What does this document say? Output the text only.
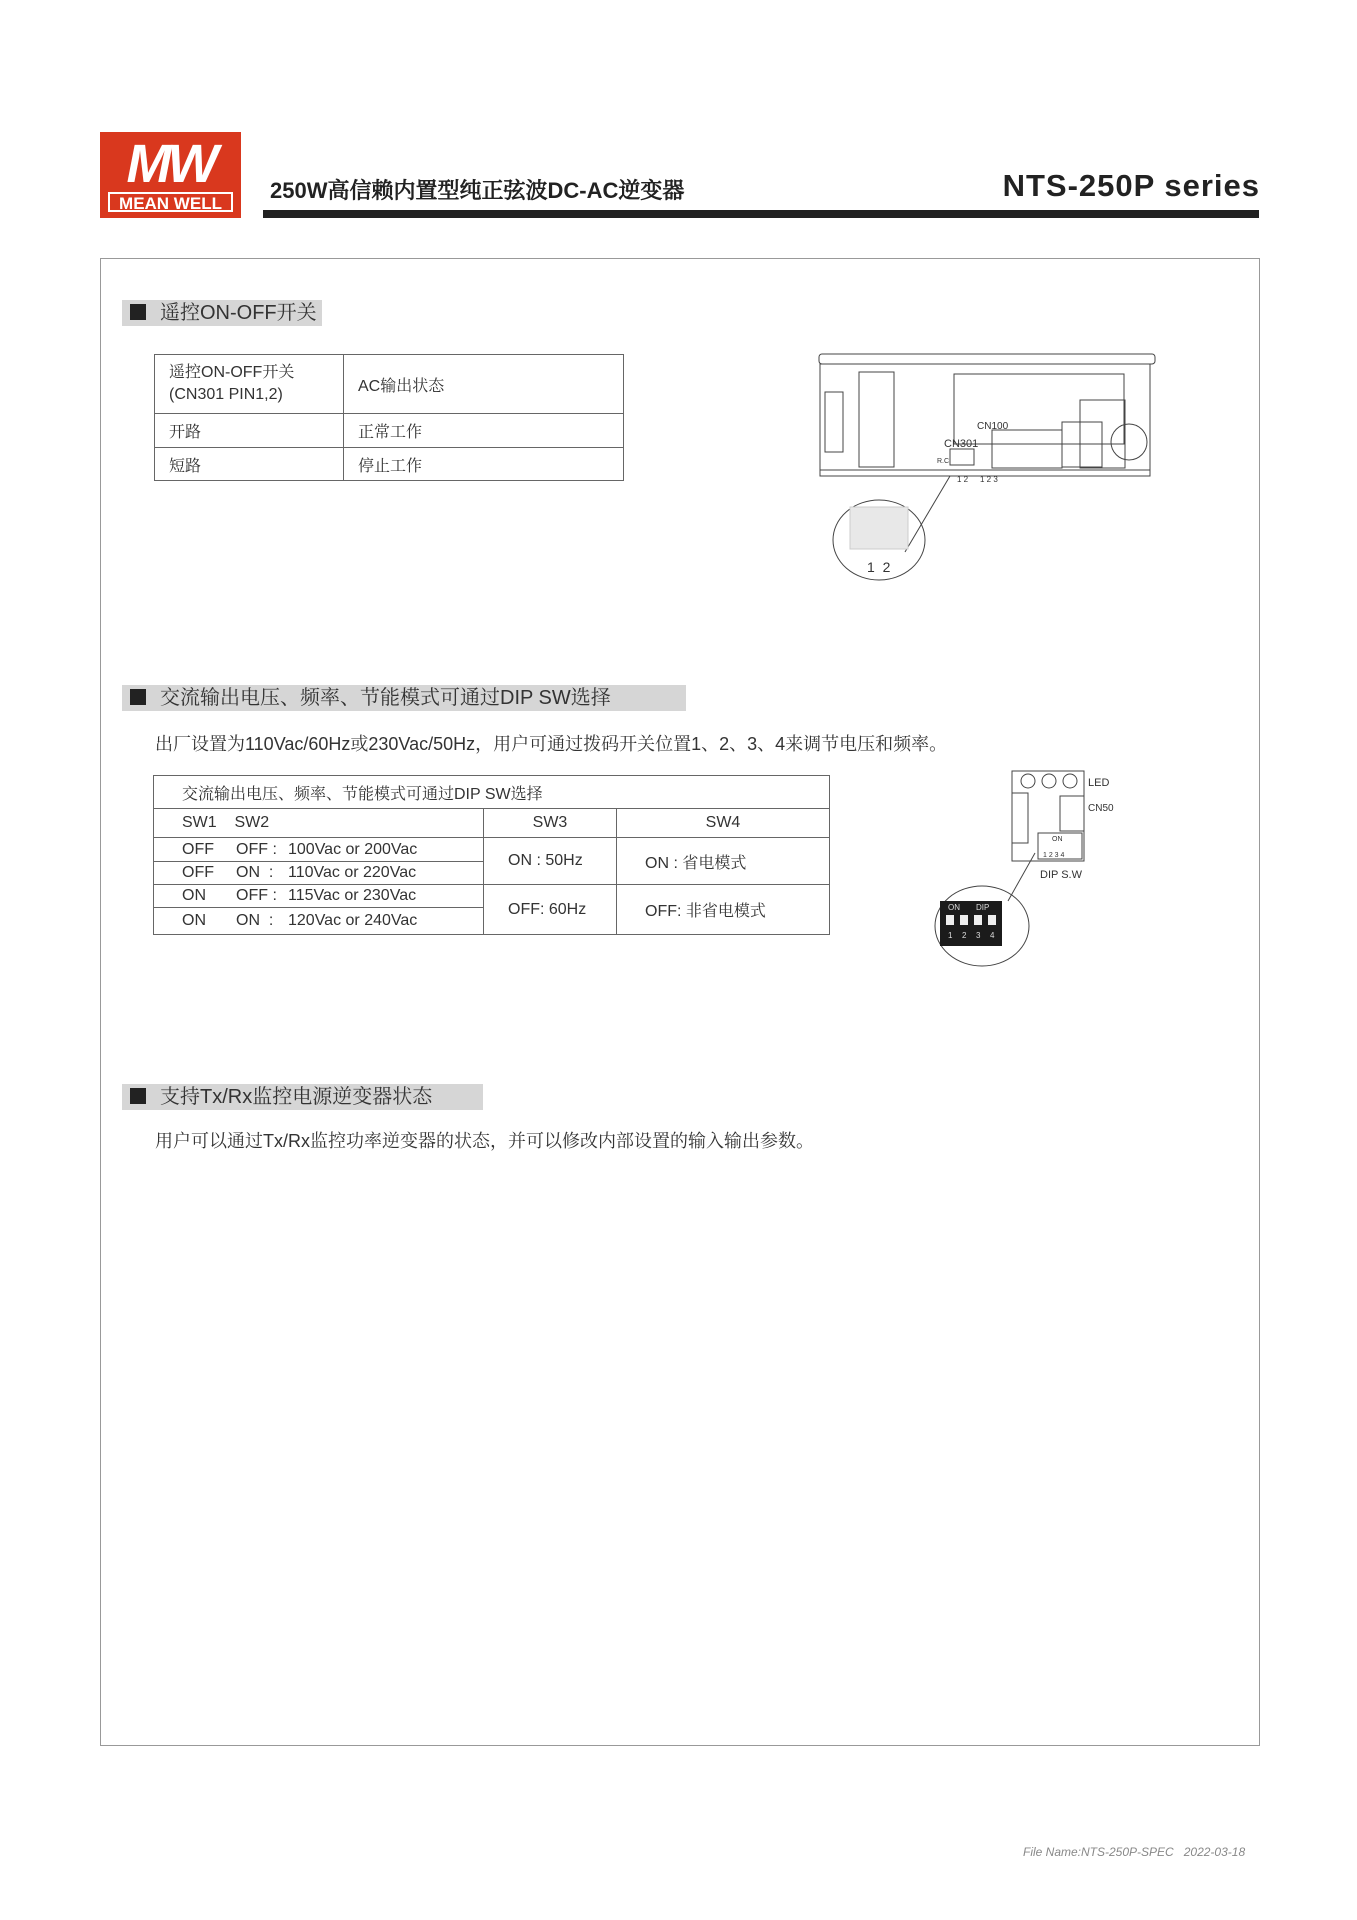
MW
MEAN WELL
250W高信赖内置型纯正弦波DC-AC逆变器	NTS-250P series
遥控ON-OFF开关
遥控ON-OFF开关
(CN301 PIN1,2)	AC输出状态
开路	正常工作
短路	停止工作
CN301
CN100
R.C
1 2 1 2 3
1  2
交流输出电压、频率、节能模式可通过DIP SW选择
出厂设置为110Vac/60Hz或230Vac/50Hz，用户可通过拨码开关位置1、2、3、4来调节电压和频率。
交流输出电压、频率、节能模式可通过DIP SW选择		
SW1    SW2	SW3	SW4
OFF OFF : 100Vac or 200Vac	ON : 50Hz	ON : 省电模式
OFF ON  : 110Vac or 220Vac		
ON OFF : 115Vac or 230Vac	OFF: 60Hz	OFF: 非省电模式
ON ON  : 120Vac or 240Vac		
ON DIP
1 2 3 4
LED
CN50
ON
1 2 3 4
DIP S.W
支持Tx/Rx监控电源逆变器状态
用户可以通过Tx/Rx监控功率逆变器的状态，并可以修改内部设置的输入输出参数。
File Name:NTS-250P-SPEC 2022-03-18
